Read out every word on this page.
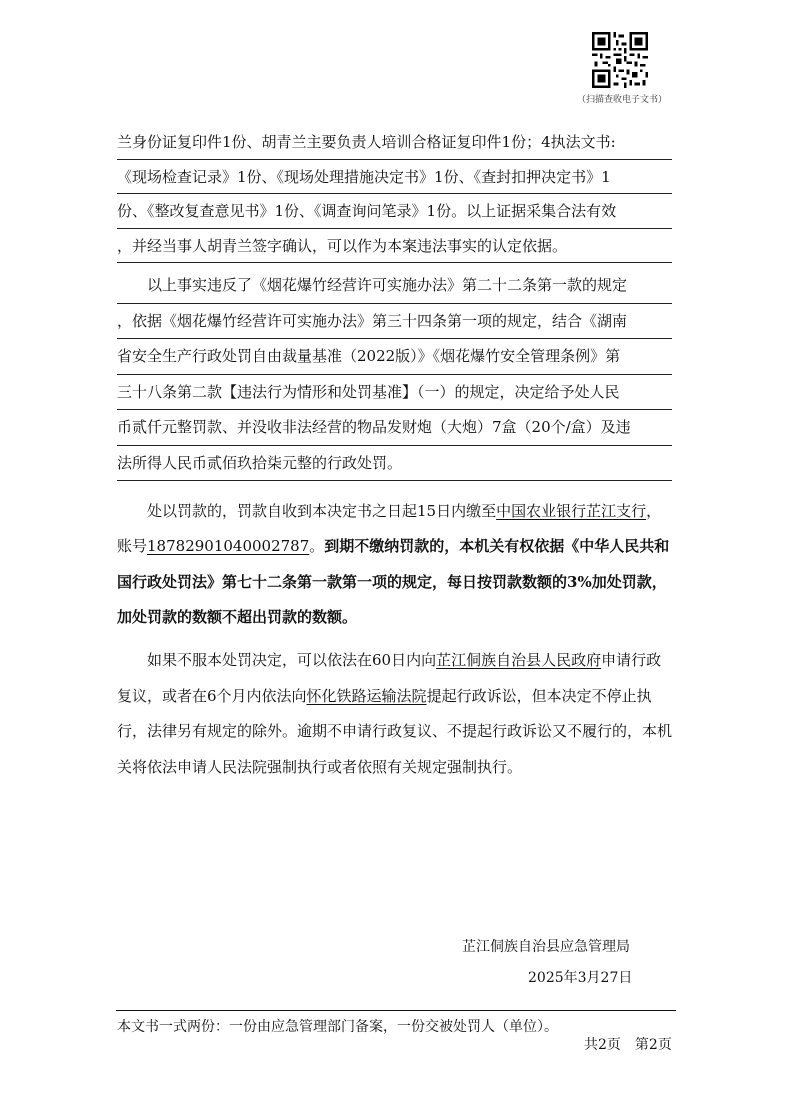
（扫描查收电子文书）
兰身份证复印件1份、胡青兰主要负责人培训合格证复印件1份；4执法文书:
《现场检查记录》1份、《现场处理措施决定书》1份、《查封扣押决定书》1
份、《整改复查意见书》1份、《调查询问笔录》1份。以上证据采集合法有效
，并经当事人胡青兰签字确认，可以作为本案违法事实的认定依据。
以上事实违反了《烟花爆竹经营许可实施办法》第二十二条第一款的规定
，依据《烟花爆竹经营许可实施办法》第三十四条第一项的规定，结合《湖南
省安全生产行政处罚自由裁量基准（2022版）》《烟花爆竹安全管理条例》第
三十八条第二款【违法行为情形和处罚基准】（一）的规定，决定给予处人民
币贰仟元整罚款、并没收非法经营的物品发财炮（大炮）7盒（20个/盒）及违
法所得人民币贰佰玖拾柒元整的行政处罚。

处以罚款的，罚款自收到本决定书之日起15日内缴至中国农业银行芷江支行，账号18782901040002787。到期不缴纳罚款的，本机关有权依据《中华人民共和国行政处罚法》第七十二条第一款第一项的规定，每日按罚款数额的3%加处罚款，加处罚款的数额不超出罚款的数额。

如果不服本处罚决定，可以依法在60日内向芷江侗族自治县人民政府申请行政复议，或者在6个月内依法向怀化铁路运输法院提起行政诉讼，但本决定不停止执行，法律另有规定的除外。逾期不申请行政复议、不提起行政诉讼又不履行的，本机关将依法申请人民法院强制执行或者依照有关规定强制执行。

芷江侗族自治县应急管理局
2025年3月27日
本文书一式两份：一份由应急管理部门备案，一份交被处罚人（单位）。
共2页　第2页
